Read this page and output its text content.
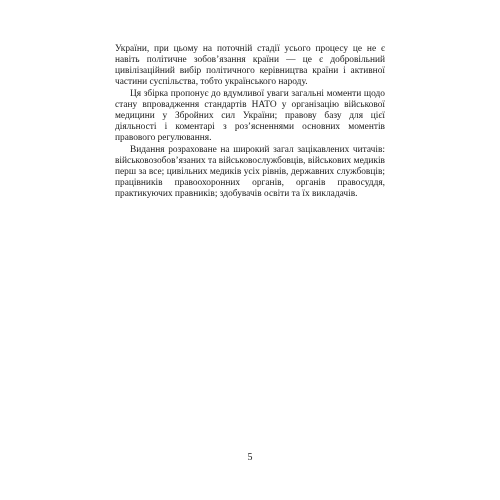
України, при цьому на поточній стадії усього процесу це не є навіть політичне зобов’язання країни — це є добровільний цивілізаційний вибір політичного керівництва країни і активної частини суспільства, тобто українського народу.

Ця збірка пропонує до вдумливої уваги загальні моменти щодо стану впровадження стандартів НАТО у організацію військової медицини у Збройних сил України; правову базу для цієї діяльності і коментарі з роз’ясненнями основних моментів правового регулювання.

Видання розраховане на широкий загал зацікавлених читачів: військовозобов’язаних та військовослужбовців, військових медиків перш за все; цивільних медиків усіх рівнів, державних службовців; працівників правоохоронних органів, органів правосуддя, практикуючих правників; здобувачів освіти та їх викладачів.

5
